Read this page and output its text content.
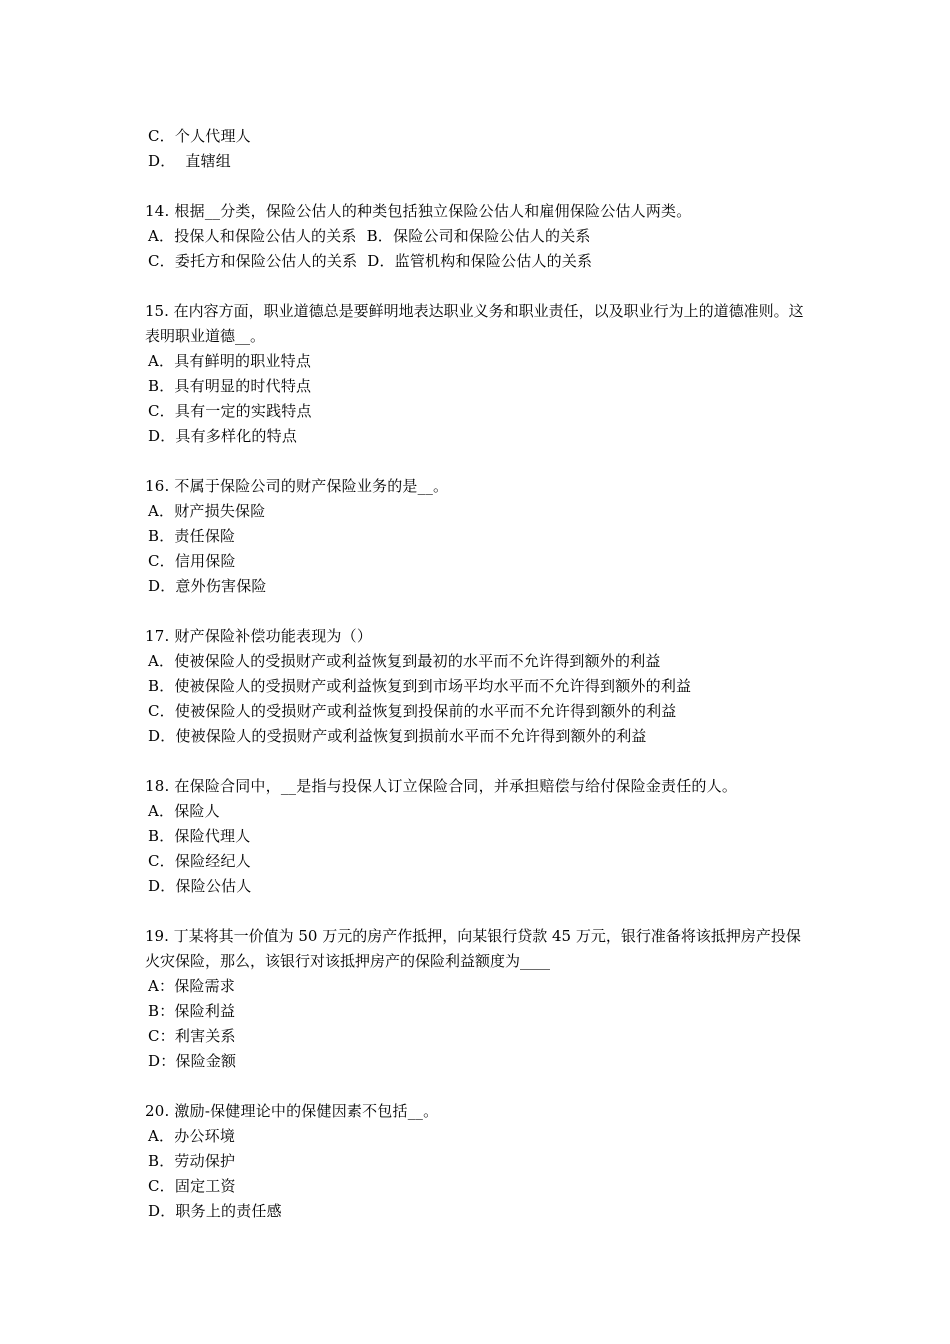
C．个人代理人
D．  直辖组
14. 根据__分类，保险公估人的种类包括独立保险公估人和雇佣保险公估人两类。
A．投保人和保险公估人的关系  B．保险公司和保险公估人的关系
C．委托方和保险公估人的关系  D．监管机构和保险公估人的关系
15. 在内容方面，职业道德总是要鲜明地表达职业义务和职业责任，以及职业行为上的道德准则。这表明职业道德__。
A．具有鲜明的职业特点
B．具有明显的时代特点
C．具有一定的实践特点
D．具有多样化的特点
16. 不属于保险公司的财产保险业务的是__。
A．财产损失保险
B．责任保险
C．信用保险
D．意外伤害保险
17. 财产保险补偿功能表现为（）
A．使被保险人的受损财产或利益恢复到最初的水平而不允许得到额外的利益
B．使被保险人的受损财产或利益恢复到到市场平均水平而不允许得到额外的利益
C．使被保险人的受损财产或利益恢复到投保前的水平而不允许得到额外的利益
D．使被保险人的受损财产或利益恢复到损前水平而不允许得到额外的利益
18. 在保险合同中，__是指与投保人订立保险合同，并承担赔偿与给付保险金责任的人。
A．保险人
B．保险代理人
C．保险经纪人
D．保险公估人
19. 丁某将其一价值为 50 万元的房产作抵押，向某银行贷款 45 万元，银行准备将该抵押房产投保火灾保险，那么，该银行对该抵押房产的保险利益额度为____
A：保险需求
B：保险利益
C：利害关系
D：保险金额
20. 激励-保健理论中的保健因素不包括__。
A．办公环境
B．劳动保护
C．固定工资
D．职务上的责任感
